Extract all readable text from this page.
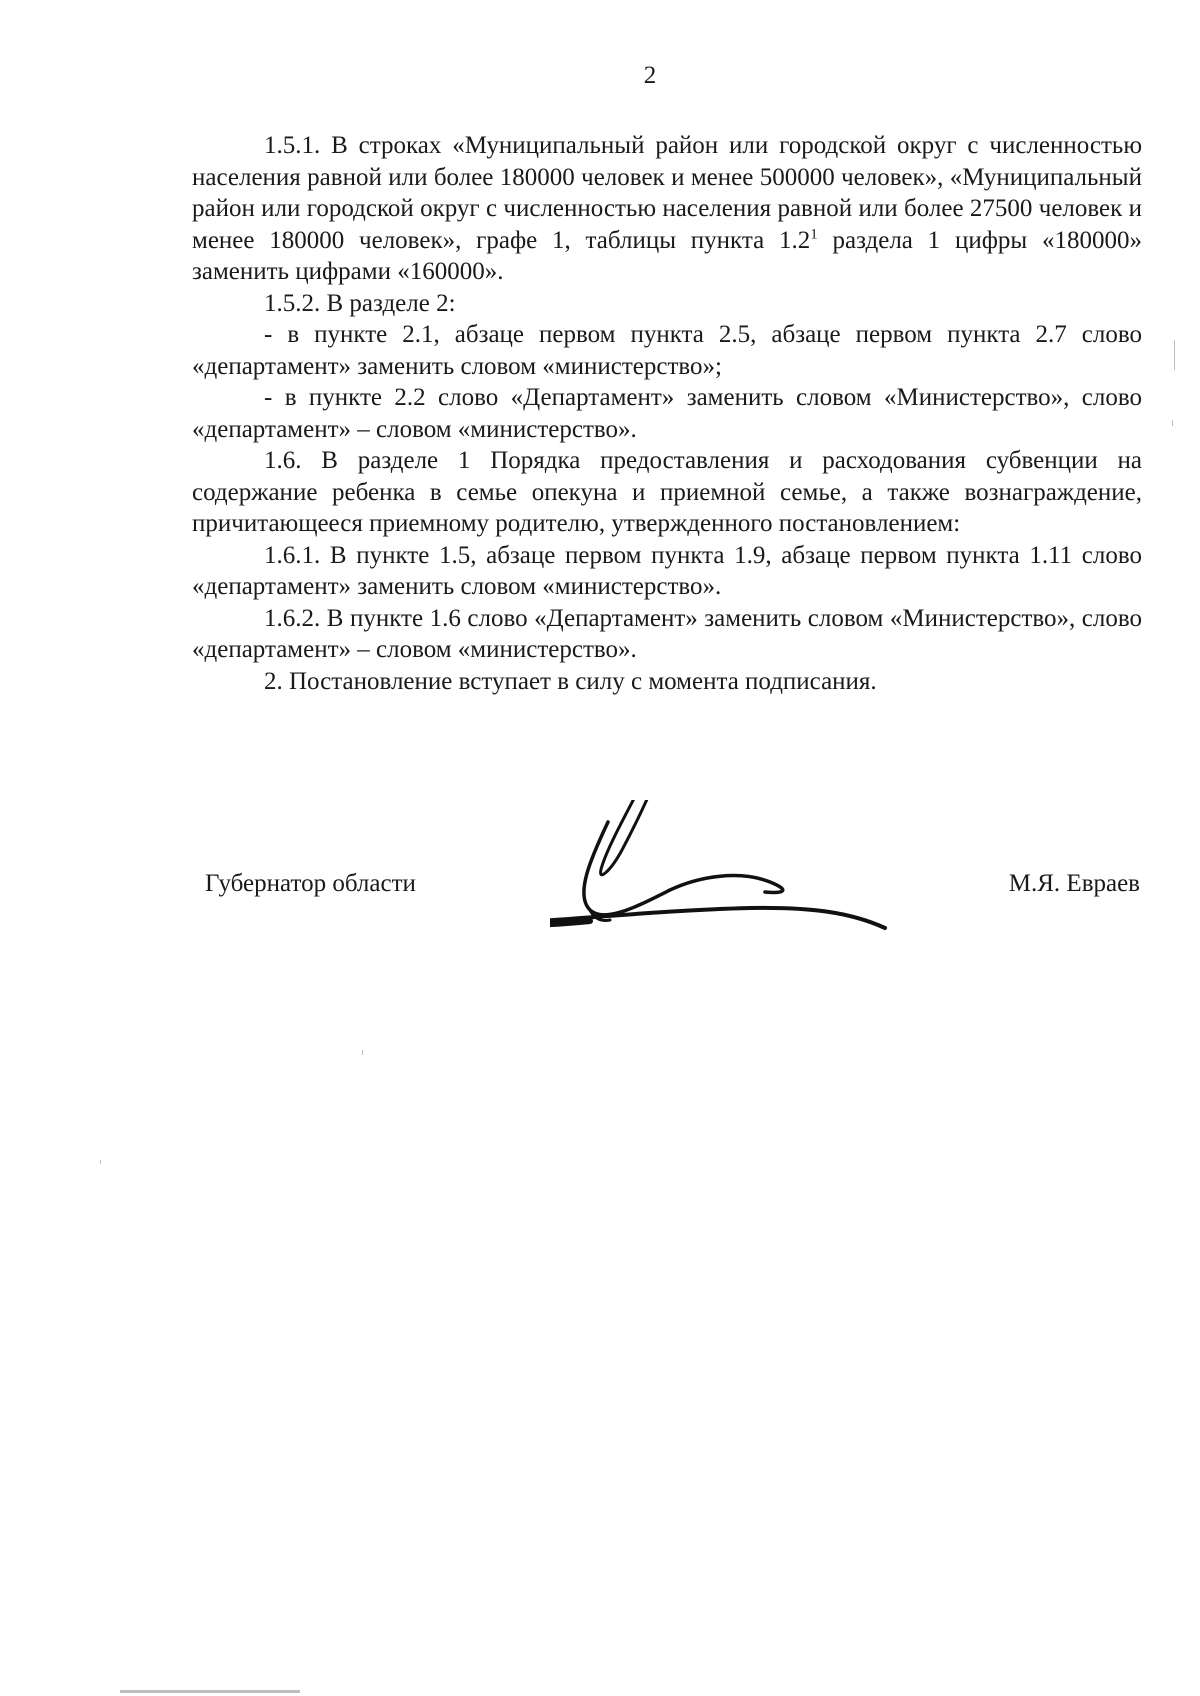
2

1.5.1. В строках «Муниципальный район или городской округ с численностью населения равной или более 180000 человек и менее 500000 человек», «Муниципальный район или городской округ с численностью населения равной или более 27500 человек и менее 180000 человек», графе 1, таблицы пункта $1.2^1$ раздела 1 цифры «180000» заменить цифрами «160000».

1.5.2. В разделе 2:

- в пункте 2.1, абзаце первом пункта 2.5, абзаце первом пункта 2.7 слово «департамент» заменить словом «министерство»;

- в пункте 2.2 слово «Департамент» заменить словом «Министерство», слово «департамент» – словом «министерство».

1.6. В разделе 1 Порядка предоставления и расходования субвенции на содержание ребенка в семье опекуна и приемной семье, а также вознаграждение, причитающееся приемному родителю, утвержденного постановлением:

1.6.1. В пункте 1.5, абзаце первом пункта 1.9, абзаце первом пункта 1.11 слово «департамент» заменить словом «министерство».

1.6.2. В пункте 1.6 слово «Департамент» заменить словом «Министерство», слово «департамент» – словом «министерство».

2. Постановление вступает в силу с момента подписания.

Губернатор области	М.Я. Евраев
